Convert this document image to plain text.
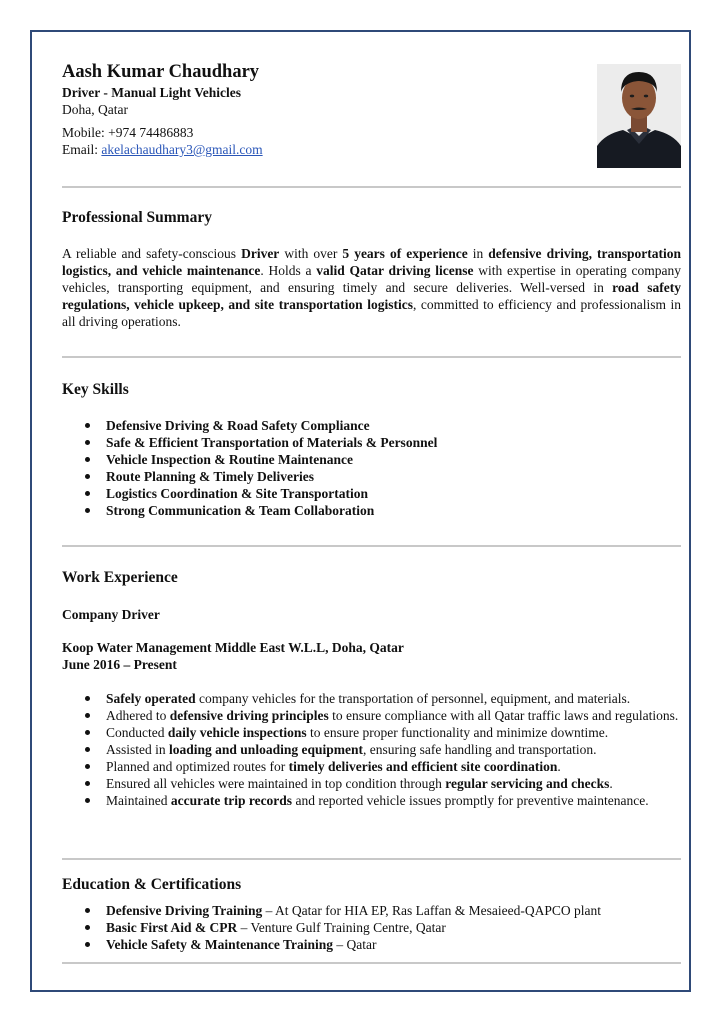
Aash Kumar Chaudhary
Driver - Manual Light Vehicles
Doha, Qatar
Mobile: +974 74486883
Email: akelachaudhary3@gmail.com
Professional Summary
A reliable and safety-conscious Driver with over 5 years of experience in defensive driving, transportation logistics, and vehicle maintenance. Holds a valid Qatar driving license with expertise in operating company vehicles, transporting equipment, and ensuring timely and secure deliveries. Well-versed in road safety regulations, vehicle upkeep, and site transportation logistics, committed to efficiency and professionalism in all driving operations.
Key Skills
Defensive Driving & Road Safety Compliance
Safe & Efficient Transportation of Materials & Personnel
Vehicle Inspection & Routine Maintenance
Route Planning & Timely Deliveries
Logistics Coordination & Site Transportation
Strong Communication & Team Collaboration
Work Experience
Company Driver
Koop Water Management Middle East W.L.L, Doha, Qatar
June 2016 – Present
Safely operated company vehicles for the transportation of personnel, equipment, and materials.
Adhered to defensive driving principles to ensure compliance with all Qatar traffic laws and regulations.
Conducted daily vehicle inspections to ensure proper functionality and minimize downtime.
Assisted in loading and unloading equipment, ensuring safe handling and transportation.
Planned and optimized routes for timely deliveries and efficient site coordination.
Ensured all vehicles were maintained in top condition through regular servicing and checks.
Maintained accurate trip records and reported vehicle issues promptly for preventive maintenance.
Education & Certifications
Defensive Driving Training – At Qatar for HIA EP, Ras Laffan & Mesaieed-QAPCO plant
Basic First Aid & CPR – Venture Gulf Training Centre, Qatar
Vehicle Safety & Maintenance Training – Qatar
